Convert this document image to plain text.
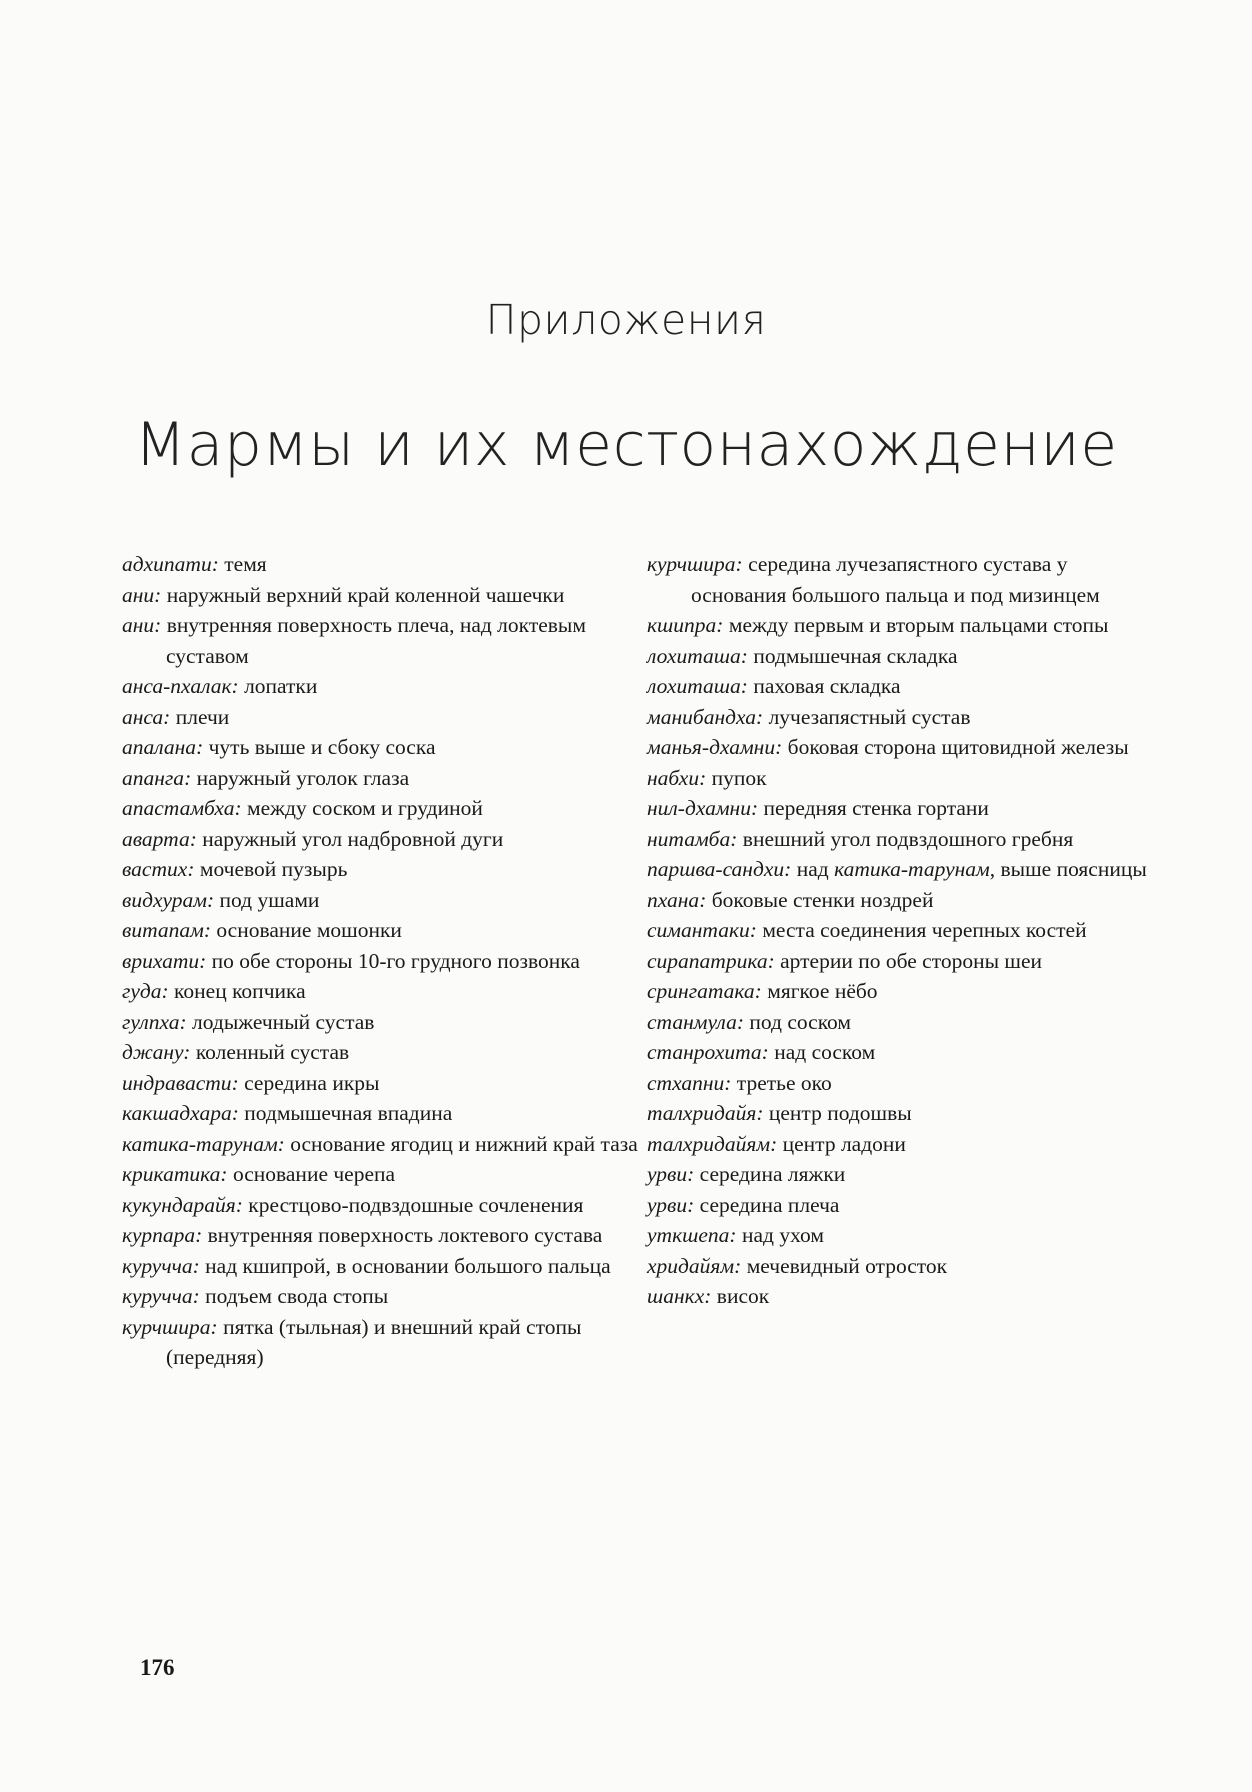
Приложения
Мармы и их местонахождение

адхипати: темя

ани: наружный верхний край коленной чашечки

ани: внутренняя поверхность плеча, над локтевым суставом

анса-пхалак: лопатки

анса: плечи

апалана: чуть выше и сбоку соска

апанга: наружный уголок глаза

апастамбха: между соском и грудиной

аварта: наружный угол надбровной дуги

вастих: мочевой пузырь

видхурам: под ушами

витапам: основание мошонки

врихати: по обе стороны 10-го грудного позвонка

гуда: конец копчика

гулпха: лодыжечный сустав

джану: коленный сустав

индравасти: середина икры

какшадхара: подмышечная впадина

катика-тарунам: основание ягодиц и нижний край таза

крикатика: основание черепа

кукундарайя: крестцово-подвздошные сочленения

курпара: внутренняя поверхность локтевого сустава

куручча: над кшипрой, в основании большого пальца

куручча: подъем свода стопы

курчшира: пятка (тыльная) и внешний край стопы (передняя)

курчшира: середина лучезапястного сустава у основания большого пальца и под мизинцем

кшипра: между первым и вторым пальцами стопы

лохиташа: подмышечная складка

лохиташа: паховая складка

манибандха: лучезапястный сустав

манья-дхамни: боковая сторона щитовидной железы

набхи: пупок

нил-дхамни: передняя стенка гортани

нитамба: внешний угол подвздошного гребня

паршва-сандхи: над катика-тарунам, выше поясницы

пхана: боковые стенки ноздрей

симантаки: места соединения черепных костей

сирапатрика: артерии по обе стороны шеи

срингатака: мягкое нёбо

станмула: под соском

станрохита: над соском

стхапни: третье око

талхридайя: центр подошвы

талхридайям: центр ладони

урви: середина ляжки

урви: середина плеча

уткшепа: над ухом

хридайям: мечевидный отросток

шанкх: висок

176
